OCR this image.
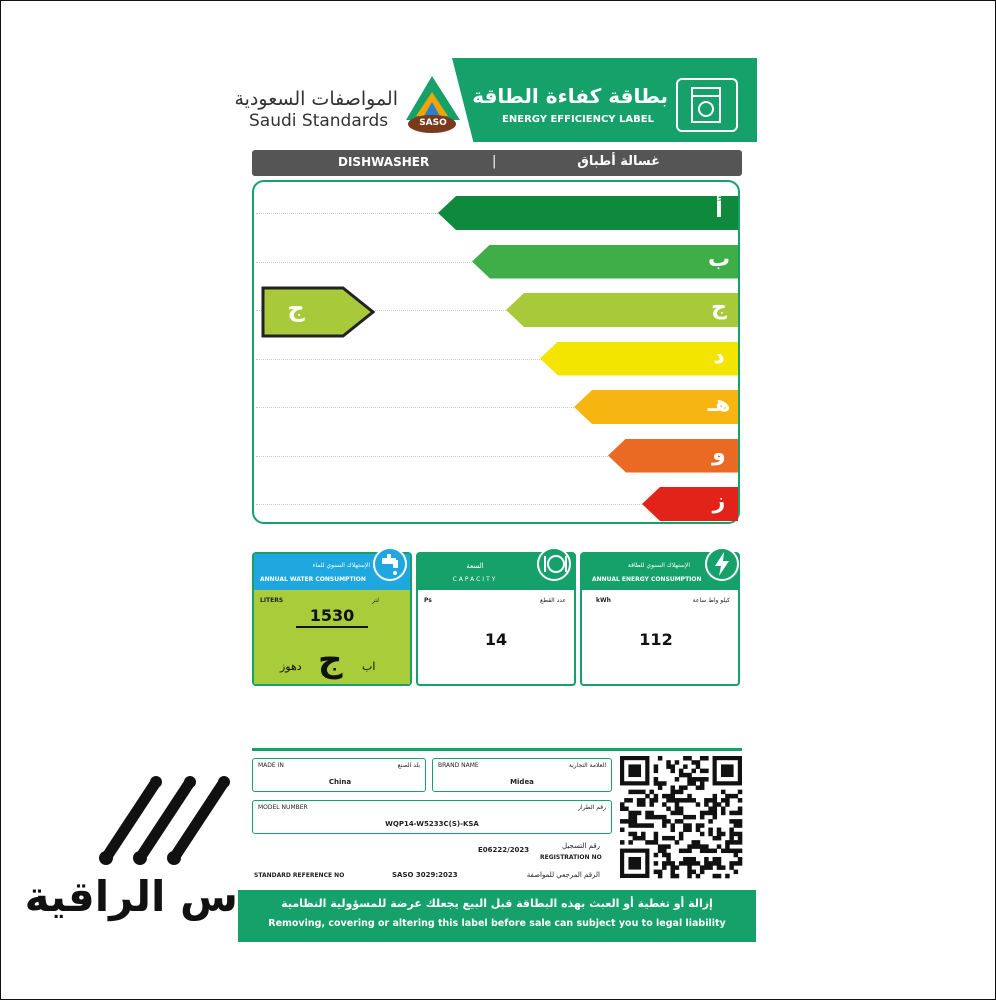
المواصفات السعودية
Saudi Standards	SASO
بطاقة كفاءة الطاقة
ENERGY EFFICIENCY LABEL
DISHWASHER	|	غسالة أطباق
أ
ب
ج
د
هـ
و
ز
ج
الإستهلاك السنوي للماء
ANNUAL WATER CONSUMPTION
LITERS	لتر
1530
ج
دهوز	اب
السعة
CAPACITY
Ps	عدد القطع
14
الإستهلاك السنوي للطاقة
ANNUAL ENERGY CONSUMPTION
kWh	كيلو واط ساعة
112
MADE IN	بلد الصنع
China
BRAND NAME	العلامة التجارية
Midea
MODEL NUMBER	رقم الطراز
WQP14-W5233C(S)-KSA
E06222/2023	رقم التسجيل
REGISTRATION NO
STANDARD REFERENCE NO	SASO 3029:2023	الرقم المرجعي للمواصفة
إزالة أو تغطية أو العبث بهذه البطاقة قبل البيع يجعلك عرضة للمسؤولية النظامية
Removing, covering or altering this label before sale can subject you to legal liability
س الراقية
